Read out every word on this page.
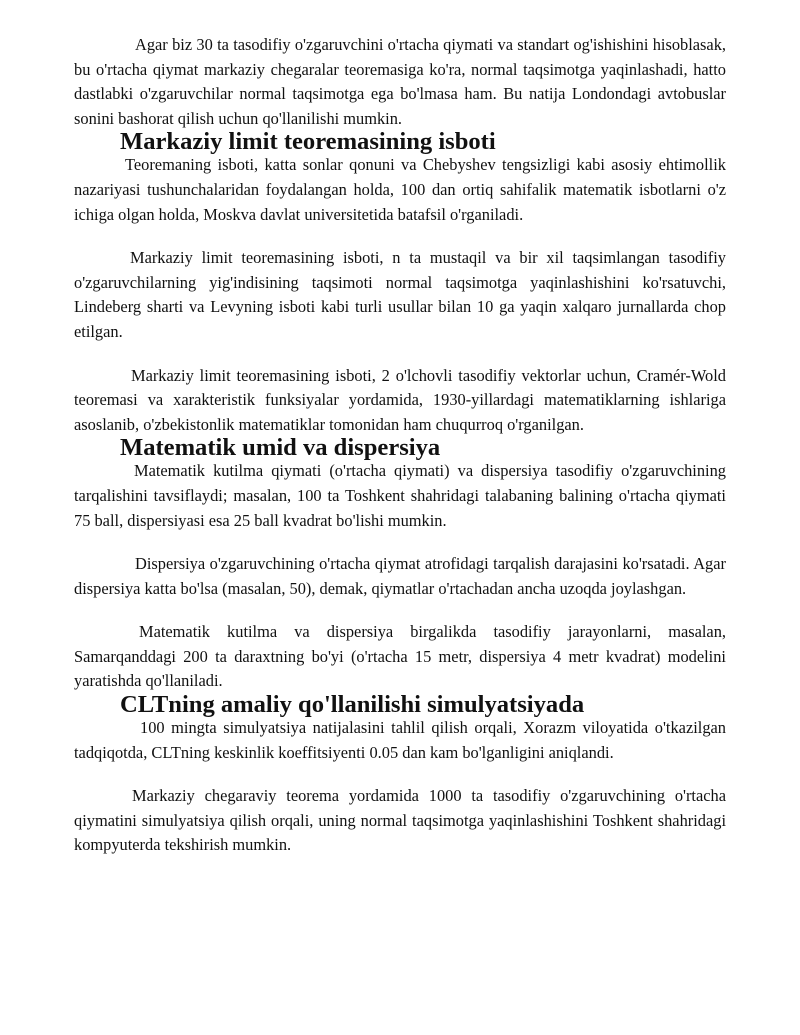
Agar biz 30 ta tasodifiy o'zgaruvchini o'rtacha qiymati va standart og'ishishini hisoblasak, bu o'rtacha qiymat markaziy chegaralar teoremasiga ko'ra, normal taqsimotga yaqinlashadi, hatto dastlabki o'zgaruvchilar normal taqsimotga ega bo'lmasa ham. Bu natija Londondagi avtobuslar sonini bashorat qilish uchun qo'llanilishi mumkin.

Markaziy limit teoremasining isboti

Teoremaning isboti, katta sonlar qonuni va Chebyshev tengsizligi kabi asosiy ehtimollik nazariyasi tushunchalaridan foydalangan holda, 100 dan ortiq sahifalik matematik isbotlarni o'z ichiga olgan holda, Moskva davlat universitetida batafsil o'rganiladi.

Markaziy limit teoremasining isboti, n ta mustaqil va bir xil taqsimlangan tasodifiy o'zgaruvchilarning yig'indisining taqsimoti normal taqsimotga yaqinlashishini ko'rsatuvchi, Lindeberg sharti va Levyning isboti kabi turli usullar bilan 10 ga yaqin xalqaro jurnallarda chop etilgan.

Markaziy limit teoremasining isboti, 2 o'lchovli tasodifiy vektorlar uchun, Cramér-Wold teoremasi va xarakteristik funksiyalar yordamida, 1930-yillardagi matematiklarning ishlariga asoslanib, o'zbekistonlik matematiklar tomonidan ham chuqurroq o'rganilgan.

Matematik umid va dispersiya

Matematik kutilma qiymati (o'rtacha qiymati) va dispersiya tasodifiy o'zgaruvchining tarqalishini tavsiflaydi; masalan, 100 ta Toshkent shahridagi talabaning balining o'rtacha qiymati 75 ball, dispersiyasi esa 25 ball kvadrat bo'lishi mumkin.

Dispersiya o'zgaruvchining o'rtacha qiymat atrofidagi tarqalish darajasini ko'rsatadi. Agar dispersiya katta bo'lsa (masalan, 50), demak, qiymatlar o'rtachadan ancha uzoqda joylashgan.

Matematik kutilma va dispersiya birgalikda tasodifiy jarayonlarni, masalan, Samarqanddagi 200 ta daraxtning bo'yi (o'rtacha 15 metr, dispersiya 4 metr kvadrat) modelini yaratishda qo'llaniladi.

CLTning amaliy qo'llanilishi simulyatsiyada

100 mingta simulyatsiya natijalasini tahlil qilish orqali, Xorazm viloyatida o'tkazilgan tadqiqotda, CLTning keskinlik koeffitsiyenti 0.05 dan kam bo'lganligini aniqlandi.

Markaziy chegaraviy teorema yordamida 1000 ta tasodifiy o'zgaruvchining o'rtacha qiymatini simulyatsiya qilish orqali, uning normal taqsimotga yaqinlashishini Toshkent shahridagi kompyuterda tekshirish mumkin.
